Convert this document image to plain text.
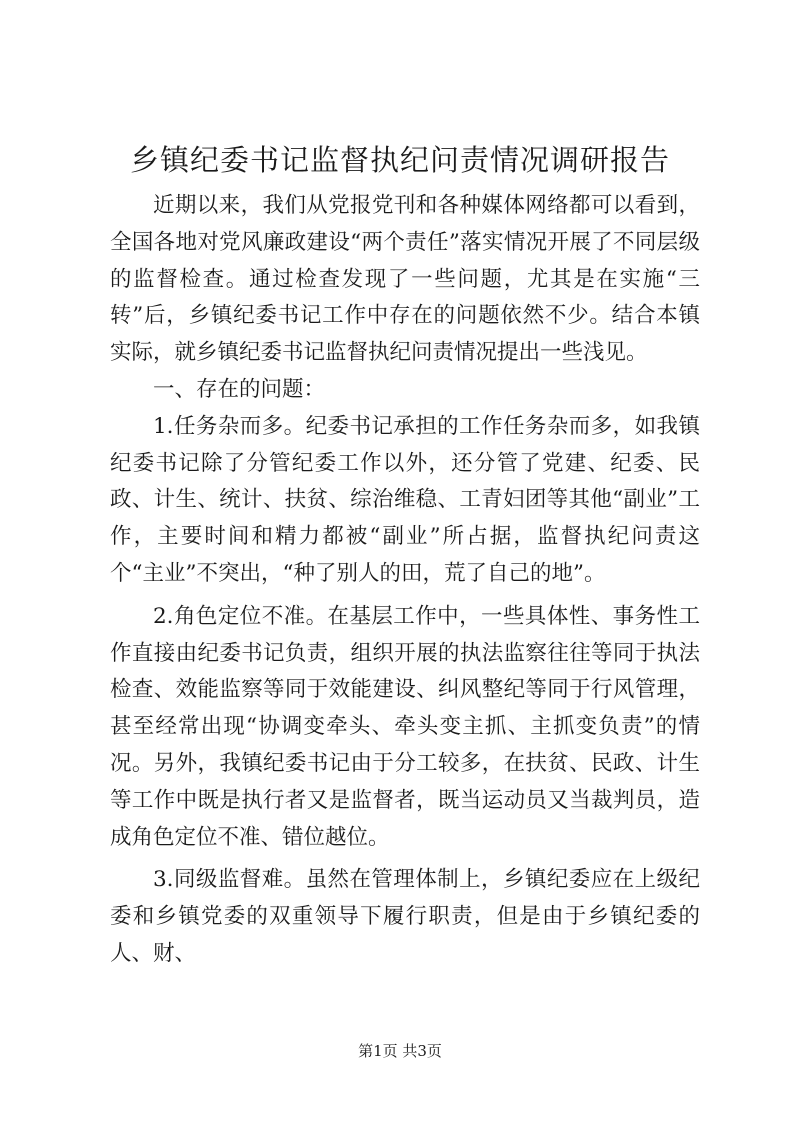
乡镇纪委书记监督执纪问责情况调研报告

近期以来，我们从党报党刊和各种媒体网络都可以看到，全国各地对党风廉政建设“两个责任”落实情况开展了不同层级的监督检查。通过检查发现了一些问题，尤其是在实施“三转”后，乡镇纪委书记工作中存在的问题依然不少。结合本镇实际，就乡镇纪委书记监督执纪问责情况提出一些浅见。

一、存在的问题：

1.任务杂而多。纪委书记承担的工作任务杂而多，如我镇纪委书记除了分管纪委工作以外，还分管了党建、纪委、民政、计生、统计、扶贫、综治维稳、工青妇团等其他“副业”工作，主要时间和精力都被“副业”所占据，监督执纪问责这个“主业”不突出，“种了别人的田，荒了自己的地”。

2.角色定位不准。在基层工作中，一些具体性、事务性工作直接由纪委书记负责，组织开展的执法监察往往等同于执法检查、效能监察等同于效能建设、纠风整纪等同于行风管理，甚至经常出现“协调变牵头、牵头变主抓、主抓变负责”的情况。另外，我镇纪委书记由于分工较多，在扶贫、民政、计生等工作中既是执行者又是监督者，既当运动员又当裁判员，造成角色定位不准、错位越位。

3.同级监督难。虽然在管理体制上，乡镇纪委应在上级纪委和乡镇党委的双重领导下履行职责，但是由于乡镇纪委的人、财、

第1页 共3页
